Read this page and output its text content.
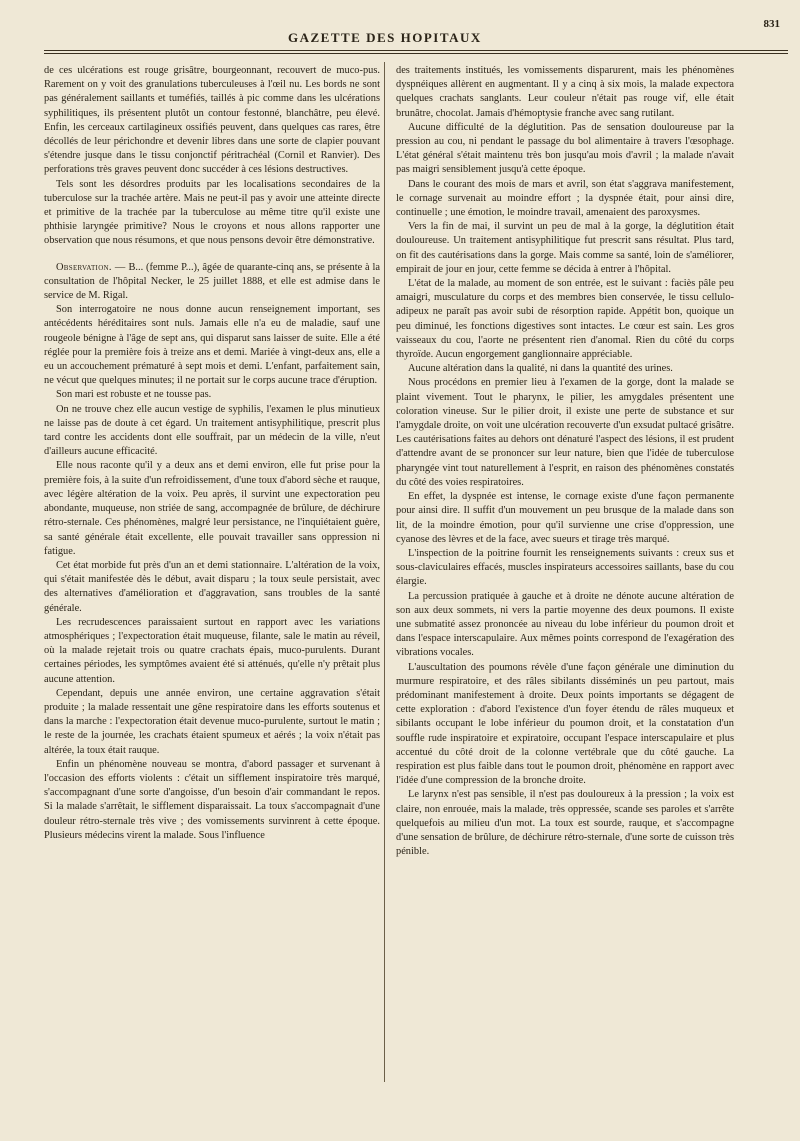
GAZETTE DES HOPITAUX
831

de ces ulcérations est rouge grisâtre, bourgeonnant, recouvert de muco-pus. Rarement on y voit des granulations tuberculeuses à l'œil nu. Les bords ne sont pas généralement saillants et tuméfiés, taillés à pic comme dans les ulcérations syphilitiques, ils présentent plutôt un contour festonné, blanchâtre, peu élevé. Enfin, les cerceaux cartilagineux ossifiés peuvent, dans quelques cas rares, être décollés de leur périchondre et devenir libres dans une sorte de clapier pouvant s'étendre jusque dans le tissu conjonctif péritrachéal (Cornil et Ranvier). Des perforations très graves peuvent donc succéder à ces lésions destructives.

Tels sont les désordres produits par les localisations secondaires de la tuberculose sur la trachée artère. Mais ne peut-il pas y avoir une atteinte directe et primitive de la trachée par la tuberculose au même titre qu'il existe une phthisie laryngée primitive? Nous le croyons et nous allons rapporter une observation que nous résumons, et que nous pensons devoir être démonstrative.

Observation. — B... (femme P...), âgée de quarante-cinq ans, se présente à la consultation de l'hôpital Necker, le 25 juillet 1888, et elle est admise dans le service de M. Rigal.

Son interrogatoire ne nous donne aucun renseignement important, ses antécédents héréditaires sont nuls. Jamais elle n'a eu de maladie, sauf une rougeole bénigne à l'âge de sept ans, qui disparut sans laisser de suite. Elle a été réglée pour la première fois à treize ans et demi. Mariée à vingt-deux ans, elle a eu un accouchement prématuré à sept mois et demi. L'enfant, parfaitement sain, ne vécut que quelques minutes; il ne portait sur le corps aucune trace d'éruption.

Son mari est robuste et ne tousse pas.

On ne trouve chez elle aucun vestige de syphilis, l'examen le plus minutieux ne laisse pas de doute à cet égard. Un traitement antisyphilitique, prescrit plus tard contre les accidents dont elle souffrait, par un médecin de la ville, n'eut d'ailleurs aucune efficacité.

Elle nous raconte qu'il y a deux ans et demi environ, elle fut prise pour la première fois, à la suite d'un refroidissement, d'une toux d'abord sèche et rauque, avec légère altération de la voix. Peu après, il survint une expectoration peu abondante, muqueuse, non striée de sang, accompagnée de brûlure, de déchirure rétro-sternale. Ces phénomènes, malgré leur persistance, ne l'inquiétaient guère, sa santé générale était excellente, elle pouvait travailler sans oppression ni fatigue.

Cet état morbide fut près d'un an et demi stationnaire. L'altération de la voix, qui s'était manifestée dès le début, avait disparu ; la toux seule persistait, avec des alternatives d'amélioration et d'aggravation, sans troubles de la santé générale.

Les recrudescences paraissaient surtout en rapport avec les variations atmosphériques ; l'expectoration était muqueuse, filante, sale le matin au réveil, où la malade rejetait trois ou quatre crachats épais, muco-purulents. Durant certaines périodes, les symptômes avaient été si atténués, qu'elle n'y prêtait plus aucune attention.

Cependant, depuis une année environ, une certaine aggravation s'était produite ; la malade ressentait une gêne respiratoire dans les efforts soutenus et dans la marche : l'expectoration était devenue muco-purulente, surtout le matin ; le reste de la journée, les crachats étaient spumeux et aérés ; la voix n'était pas altérée, la toux était rauque.

Enfin un phénomène nouveau se montra, d'abord passager et survenant à l'occasion des efforts violents : c'était un sifflement inspiratoire très marqué, s'accompagnant d'une sorte d'angoisse, d'un besoin d'air commandant le repos. Si la malade s'arrêtait, le sifflement disparaissait. La toux s'accompagnait d'une douleur rétro-sternale très vive ; des vomissements survinrent à cette époque. Plusieurs médecins virent la malade. Sous l'influence

des traitements institués, les vomissements disparurent, mais les phénomènes dyspnéiques allèrent en augmentant. Il y a cinq à six mois, la malade expectora quelques crachats sanglants. Leur couleur n'était pas rouge vif, elle était brunâtre, chocolat. Jamais d'hémoptysie franche avec sang rutilant.

Aucune difficulté de la déglutition. Pas de sensation douloureuse par la pression au cou, ni pendant le passage du bol alimentaire à travers l'œsophage. L'état général s'était maintenu très bon jusqu'au mois d'avril ; la malade n'avait pas maigri sensiblement jusqu'à cette époque.

Dans le courant des mois de mars et avril, son état s'aggrava manifestement, le cornage survenait au moindre effort ; la dyspnée était, pour ainsi dire, continuelle ; une émotion, le moindre travail, amenaient des paroxysmes.

Vers la fin de mai, il survint un peu de mal à la gorge, la déglutition était douloureuse. Un traitement antisyphilitique fut prescrit sans résultat. Plus tard, on fit des cautérisations dans la gorge. Mais comme sa santé, loin de s'améliorer, empirait de jour en jour, cette femme se décida à entrer à l'hôpital.

L'état de la malade, au moment de son entrée, est le suivant : faciès pâle peu amaigri, musculature du corps et des membres bien conservée, le tissu cellulo-adipeux ne paraît pas avoir subi de résorption rapide. Appétit bon, quoique un peu diminué, les fonctions digestives sont intactes. Le cœur est sain. Les gros vaisseaux du cou, l'aorte ne présentent rien d'anomal. Rien du côté du corps thyroïde. Aucun engorgement ganglionnaire appréciable.

Aucune altération dans la qualité, ni dans la quantité des urines.

Nous procédons en premier lieu à l'examen de la gorge, dont la malade se plaint vivement. Tout le pharynx, le pilier, les amygdales présentent une coloration vineuse. Sur le pilier droit, il existe une perte de substance et sur l'amygdale droite, on voit une ulcération recouverte d'un exsudat pultacé grisâtre. Les cautérisations faites au dehors ont dénaturé l'aspect des lésions, il est prudent d'attendre avant de se prononcer sur leur nature, bien que l'idée de tuberculose pharyngée vint tout naturellement à l'esprit, en raison des phénomènes constatés du côté des voies respiratoires.

En effet, la dyspnée est intense, le cornage existe d'une façon permanente pour ainsi dire. Il suffit d'un mouvement un peu brusque de la malade dans son lit, de la moindre émotion, pour qu'il survienne une crise d'oppression, une cyanose des lèvres et de la face, avec sueurs et tirage très marqué.

L'inspection de la poitrine fournit les renseignements suivants : creux sus et sous-claviculaires effacés, muscles inspirateurs accessoires saillants, base du cou élargie.

La percussion pratiquée à gauche et à droite ne dénote aucune altération de son aux deux sommets, ni vers la partie moyenne des deux poumons. Il existe une submatité assez prononcée au niveau du lobe inférieur du poumon droit et dans l'espace interscapulaire. Aux mêmes points correspond de l'exagération des vibrations vocales.

L'auscultation des poumons révèle d'une façon générale une diminution du murmure respiratoire, et des râles sibilants disséminés un peu partout, mais prédominant manifestement à droite. Deux points importants se dégagent de cette exploration : d'abord l'existence d'un foyer étendu de râles muqueux et sibilants occupant le lobe inférieur du poumon droit, et la constatation d'un souffle rude inspiratoire et expiratoire, occupant l'espace interscapulaire et plus accentué du côté droit de la colonne vertébrale que du côté gauche. La respiration est plus faible dans tout le poumon droit, phénomène en rapport avec l'idée d'une compression de la bronche droite.

Le larynx n'est pas sensible, il n'est pas douloureux à la pression ; la voix est claire, non enrouée, mais la malade, très oppressée, scande ses paroles et s'arrête quelquefois au milieu d'un mot. La toux est sourde, rauque, et s'accompagne d'une sensation de brûlure, de déchirure rétro-sternale, d'une sorte de cuisson très pénible.
